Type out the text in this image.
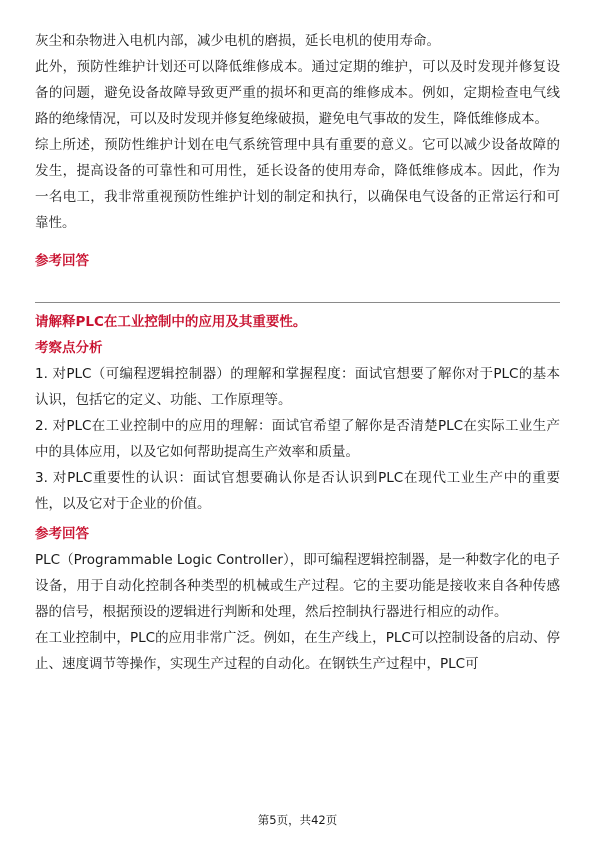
灰尘和杂物进入电机内部，减少电机的磨损，延长电机的使用寿命。

此外，预防性维护计划还可以降低维修成本。通过定期的维护，可以及时发现并修复设备的问题，避免设备故障导致更严重的损坏和更高的维修成本。例如，定期检查电气线路的绝缘情况，可以及时发现并修复绝缘破损，避免电气事故的发生，降低维修成本。

综上所述，预防性维护计划在电气系统管理中具有重要的意义。它可以减少设备故障的发生，提高设备的可靠性和可用性，延长设备的使用寿命，降低维修成本。因此，作为一名电工，我非常重视预防性维护计划的制定和执行，以确保电气设备的正常运行和可靠性。

参考回答

请解释PLC在工业控制中的应用及其重要性。

考察点分析

1. 对PLC（可编程逻辑控制器）的理解和掌握程度：面试官想要了解你对于PLC的基本认识，包括它的定义、功能、工作原理等。

2. 对PLC在工业控制中的应用的理解：面试官希望了解你是否清楚PLC在实际工业生产中的具体应用，以及它如何帮助提高生产效率和质量。

3. 对PLC重要性的认识：面试官想要确认你是否认识到PLC在现代工业生产中的重要性，以及它对于企业的价值。

参考回答

PLC（Programmable Logic Controller），即可编程逻辑控制器，是一种数字化的电子设备，用于自动化控制各种类型的机械或生产过程。它的主要功能是接收来自各种传感器的信号，根据预设的逻辑进行判断和处理，然后控制执行器进行相应的动作。

在工业控制中，PLC的应用非常广泛。例如，在生产线上，PLC可以控制设备的启动、停止、速度调节等操作，实现生产过程的自动化。在钢铁生产过程中，PLC可

第5页，共42页
